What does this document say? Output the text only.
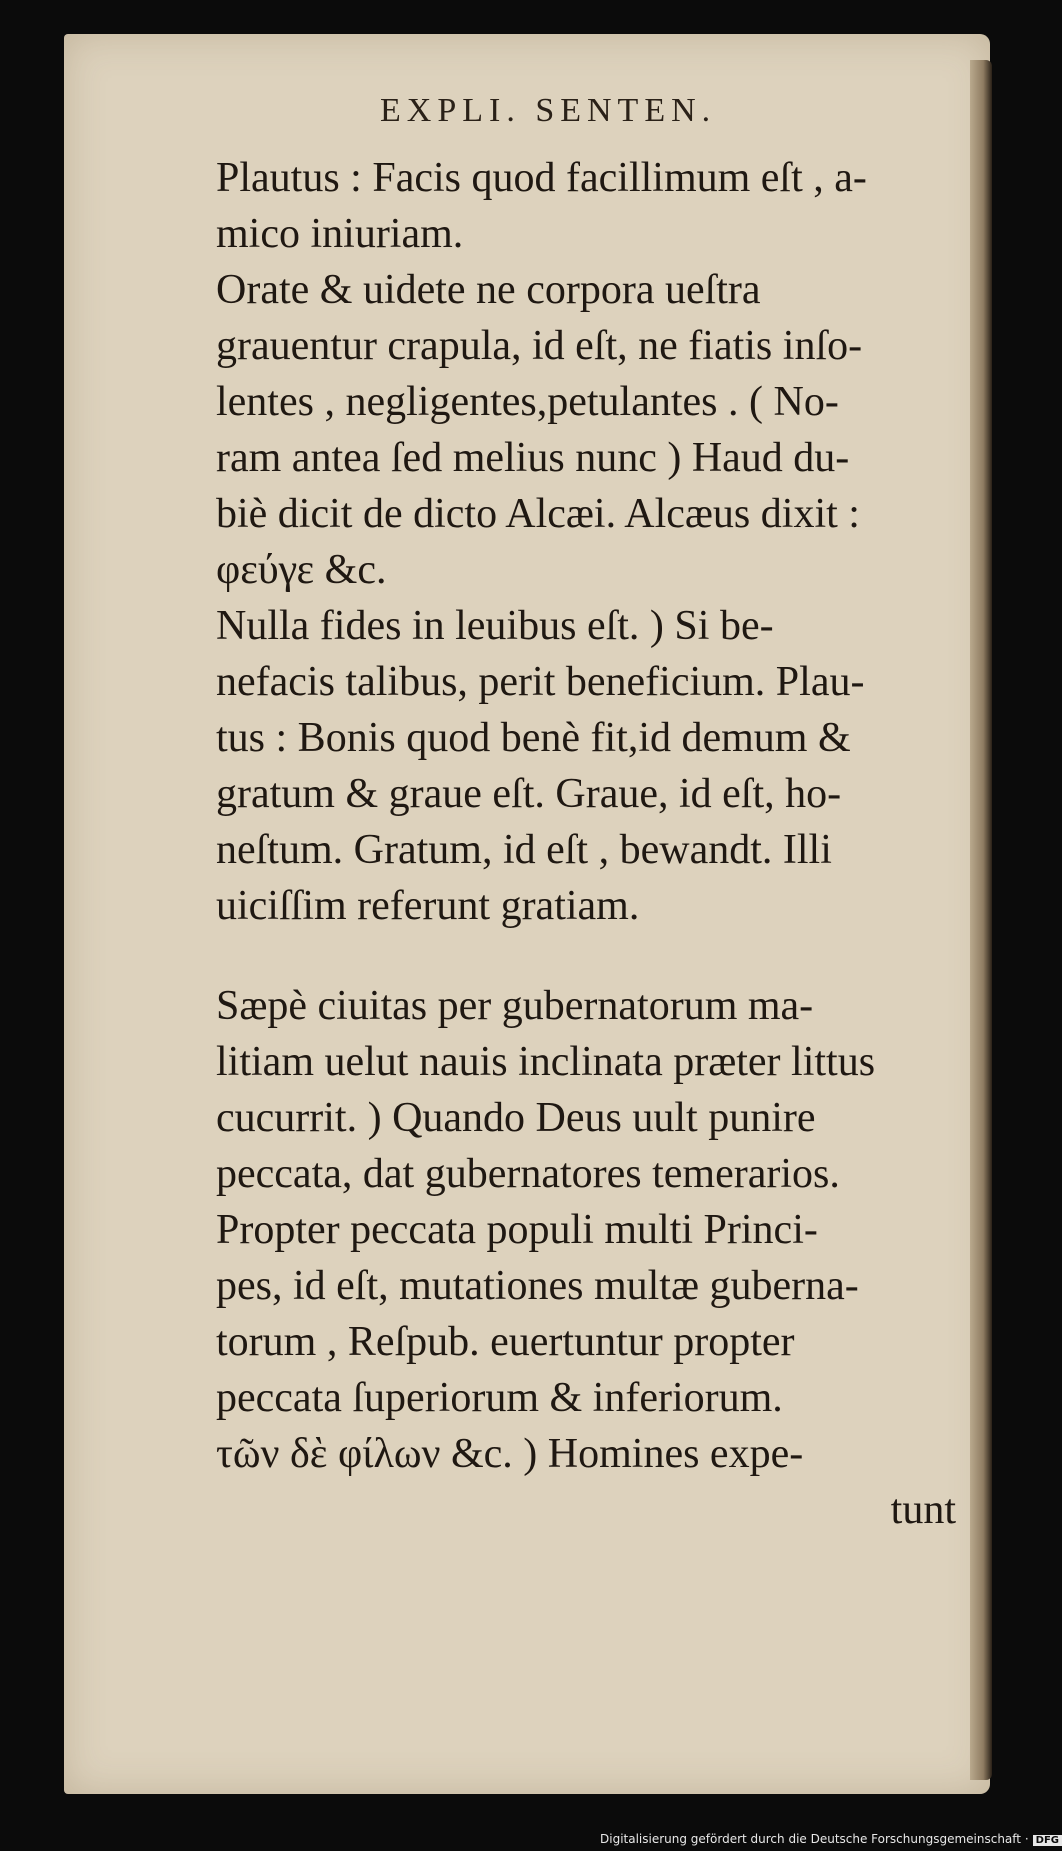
EXPLI. SENTEN.

Plautus : Facis quod facillimum eſt , a-
mico iniuriam.

Orate & uidete ne corpora ueſtra
grauentur crapula, id eſt, ne fiatis inſo-
lentes , negligentes,petulantes . ( No-
ram antea ſed melius nunc ) Haud du-
biè dicit de dicto Alcæi. Alcæus dixit :
φεύγε &c.

Nulla fides in leuibus eſt. ) Si be-
nefacis talibus, perit beneficium. Plau-
tus : Bonis quod benè fit,id demum &
gratum & graue eſt. Graue, id eſt, ho-
neſtum. Gratum, id eſt , bewandt. Illi
uiciſſim referunt gratiam.

Sæpè ciuitas per gubernatorum ma-
litiam uelut nauis inclinata præter littus
cucurrit. ) Quando Deus uult punire
peccata, dat gubernatores temerarios.
Propter peccata populi multi Princi-
pes, id eſt, mutationes multæ guberna-
torum , Reſpub. euertuntur propter
peccata ſuperiorum & inferiorum.

τῶν δὲ φίλων &c. ) Homines expe-

tunt

Digitalisierung gefördert durch die Deutsche Forschungsgemeinschaft · DFG
